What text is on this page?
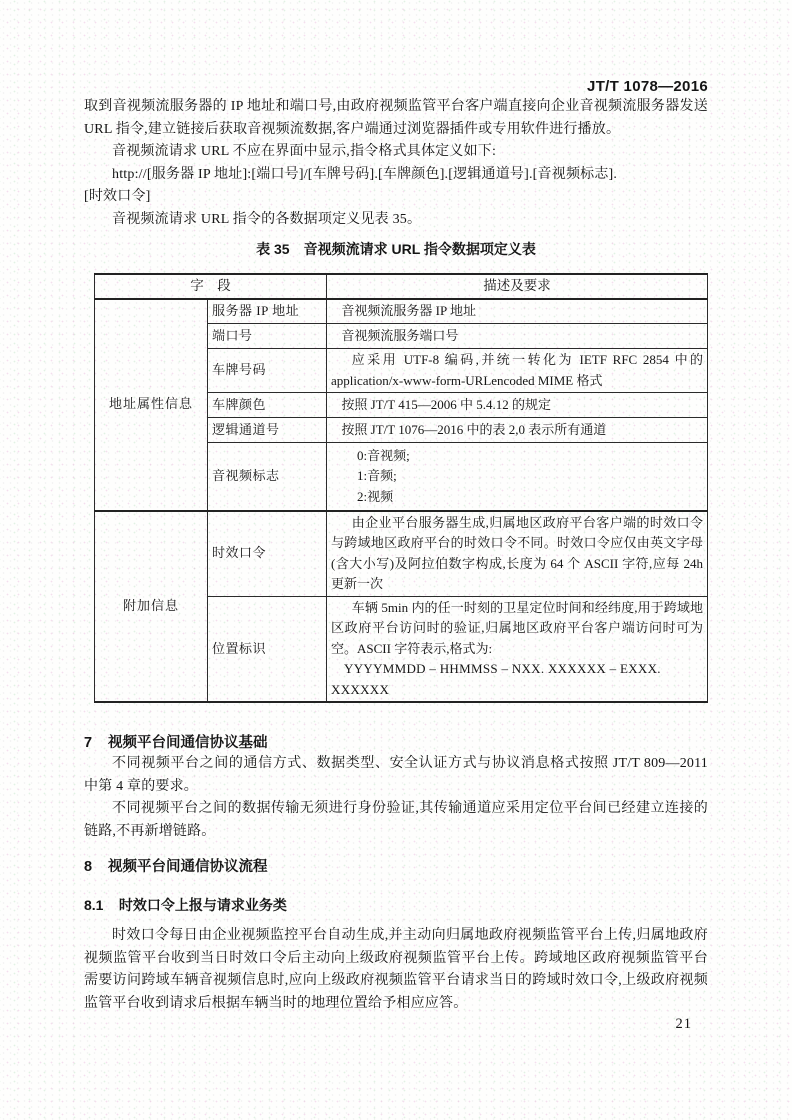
JT/T 1078—2016

取到音视频流服务器的 IP 地址和端口号,由政府视频监管平台客户端直接向企业音视频流服务器发送 URL 指令,建立链接后获取音视频流数据,客户端通过浏览器插件或专用软件进行播放。

音视频流请求 URL 不应在界面中显示,指令格式具体定义如下:

http://[服务器 IP 地址]:[端口号]/[车牌号码].[车牌颜色].[逻辑通道号].[音视频标志].

[时效口令]

音视频流请求 URL 指令的各数据项定义见表 35。

表 35 音视频流请求 URL 指令数据项定义表
字　段		描述及要求
地址属性信息	服务器 IP 地址	音视频流服务器 IP 地址

	端口号	音视频流服务端口号

	车牌号码	应采用 UTF-8 编码,并统一转化为 IETF RFC 2854 中的 application/x-www-form-URLencoded MIME 格式

	车牌颜色	按照 JT/T 415—2006 中 5.4.12 的规定

	逻辑通道号	按照 JT/T 1076—2016 中的表 2,0 表示所有通道

	音视频标志	0:音视频;
1:音频;
2:视频

附加信息	时效口令	由企业平台服务器生成,归属地区政府平台客户端的时效口令与跨域地区政府平台的时效口令不同。时效口令应仅由英文字母(含大小写)及阿拉伯数字构成,长度为 64 个 ASCII 字符,应每 24h 更新一次

	位置标识	车辆 5min 内的任一时刻的卫星定位时间和经纬度,用于跨域地区政府平台访问时的验证,归属地区政府平台客户端访问时可为空。ASCII 字符表示,格式为:
YYYYMMDD – HHMMSS – NXX. XXXXXX – EXXX. XXXXXX
7 视频平台间通信协议基础

不同视频平台之间的通信方式、数据类型、安全认证方式与协议消息格式按照 JT/T 809—2011 中第 4 章的要求。

不同视频平台之间的数据传输无须进行身份验证,其传输通道应采用定位平台间已经建立连接的链路,不再新增链路。

8 视频平台间通信协议流程
8.1 时效口令上报与请求业务类

时效口令每日由企业视频监控平台自动生成,并主动向归属地政府视频监管平台上传,归属地政府视频监管平台收到当日时效口令后主动向上级政府视频监管平台上传。跨域地区政府视频监管平台需要访问跨域车辆音视频信息时,应向上级政府视频监管平台请求当日的跨域时效口令,上级政府视频监管平台收到请求后根据车辆当时的地理位置给予相应应答。

21
